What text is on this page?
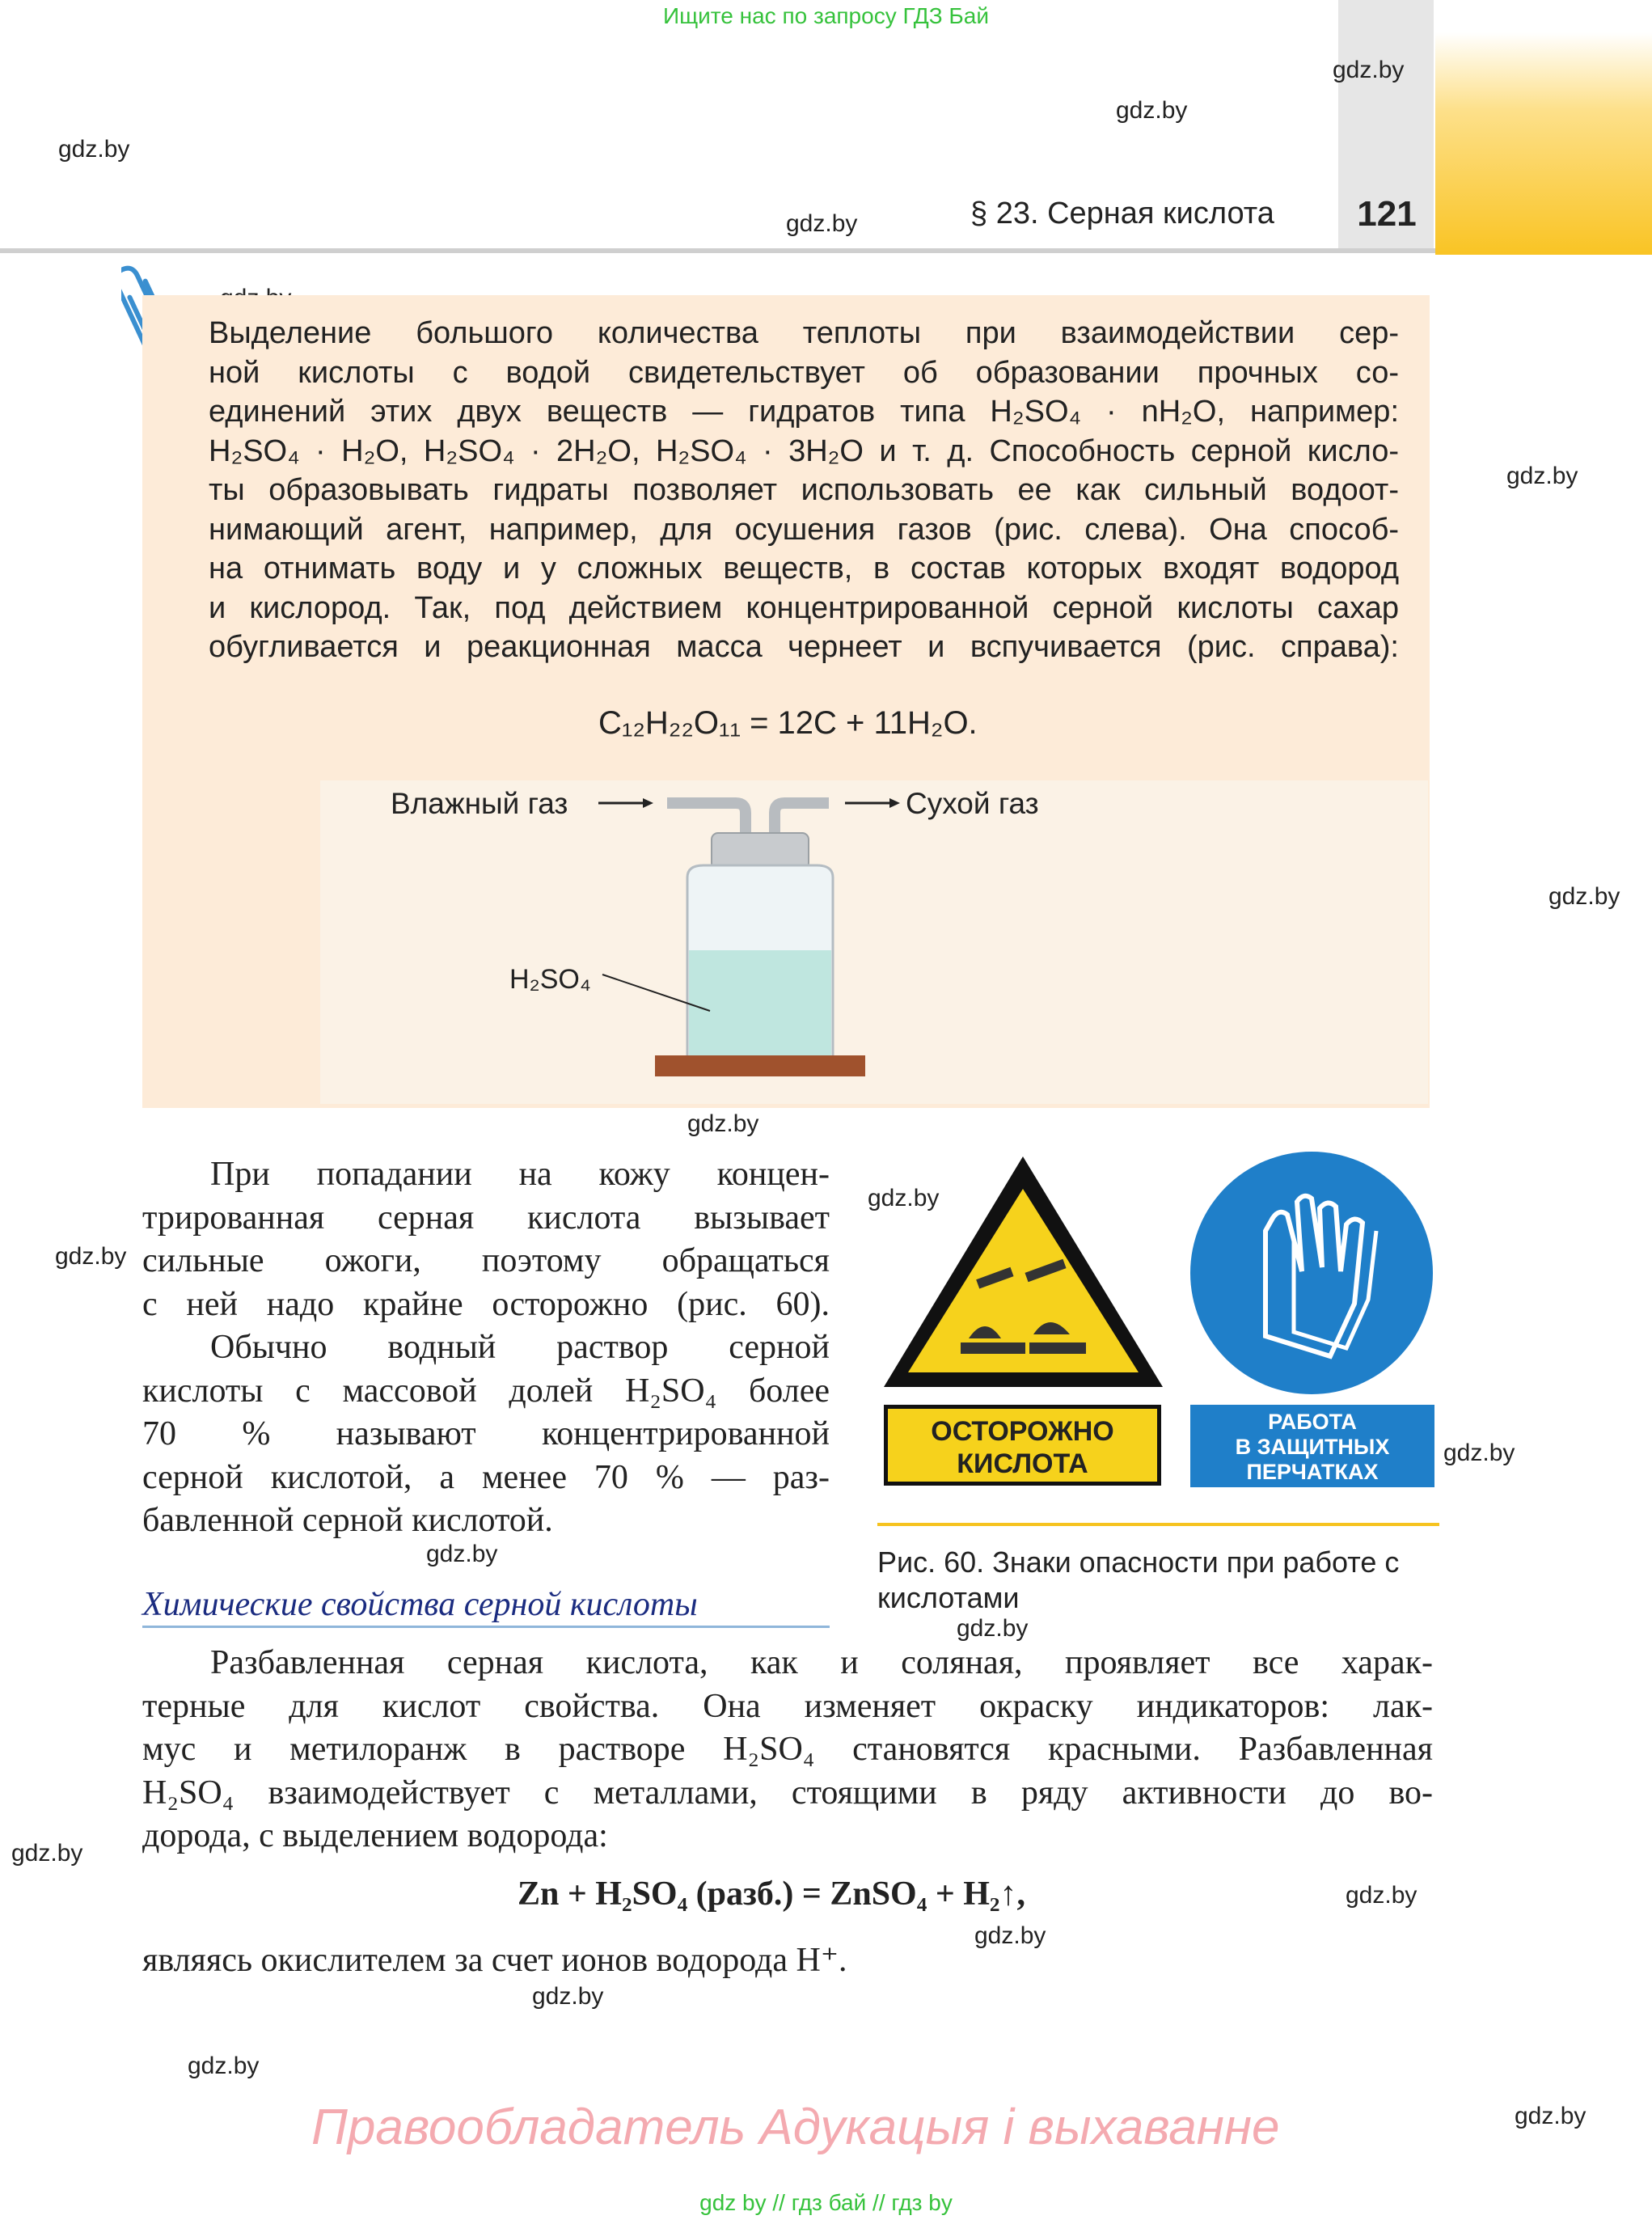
Ищите нас по запросу ГДЗ Бай
121
§ 23. Серная кислота
gdz.by
gdz.by
gdz.by
gdz.by
gdz.by
gdz.by
gdz.by
gdz.by
gdz.by
gdz.by
gdz.by
gdz.by
gdz.by
gdz.by
gdz.by
gdz.by
gdz.by
gdz.by
Выделение большого количества теплоты при взаимодействии сер-
ной кислоты с водой свидетельствует об образовании прочных со-
единений этих двух веществ — гидратов типа H₂SO₄ · nH₂O, например:
H₂SO₄ · H₂O, H₂SO₄ · 2H₂O, H₂SO₄ · 3H₂O и т. д. Способность серной кисло-
ты образовывать гидраты позволяет использовать ее как сильный водоот-
нимающий агент, например, для осушения газов (рис. слева). Она способ-
на отнимать воду и у сложных веществ, в состав которых входят водород
и кислород. Так, под действием концентрированной серной кислоты сахар
обугливается и реакционная масса чернеет и вспучивается (рис. справа):
C₁₂H₂₂O₁₁ = 12C + 11H₂O.
Влажный газ	Сухой газ
H₂SO₄
При попадании на кожу концен-
трированная серная кислота вызывает
сильные ожоги, поэтому обращаться
с ней надо крайне осторожно (рис. 60).
Обычно водный раствор серной
кислоты с массовой долей H₂SO₄ более
70 % называют концентрированной
серной кислотой, а менее 70 % — раз-
бавленной серной кислотой.
ОСТОРОЖНО
КИСЛОТА
РАБОТА
В ЗАЩИТНЫХ
ПЕРЧАТКАХ
Рис. 60. Знаки опасности при работе с
кислотами
Химические свойства серной кислоты
Разбавленная серная кислота, как и соляная, проявляет все харак-
терные для кислот свойства. Она изменяет окраску индикаторов: лак-
мус и метилоранж в растворе H₂SO₄ становятся красными. Разбавленная
H₂SO₄ взаимодействует с металлами, стоящими в ряду активности до во-
дорода, с выделением водорода:
Zn + H₂SO₄ (разб.) = ZnSO₄ + H₂↑,
являясь окислителем за счет ионов водорода H⁺.
Правообладатель Адукацыя і выхаванне
gdz by // гдз бай // гдз by
